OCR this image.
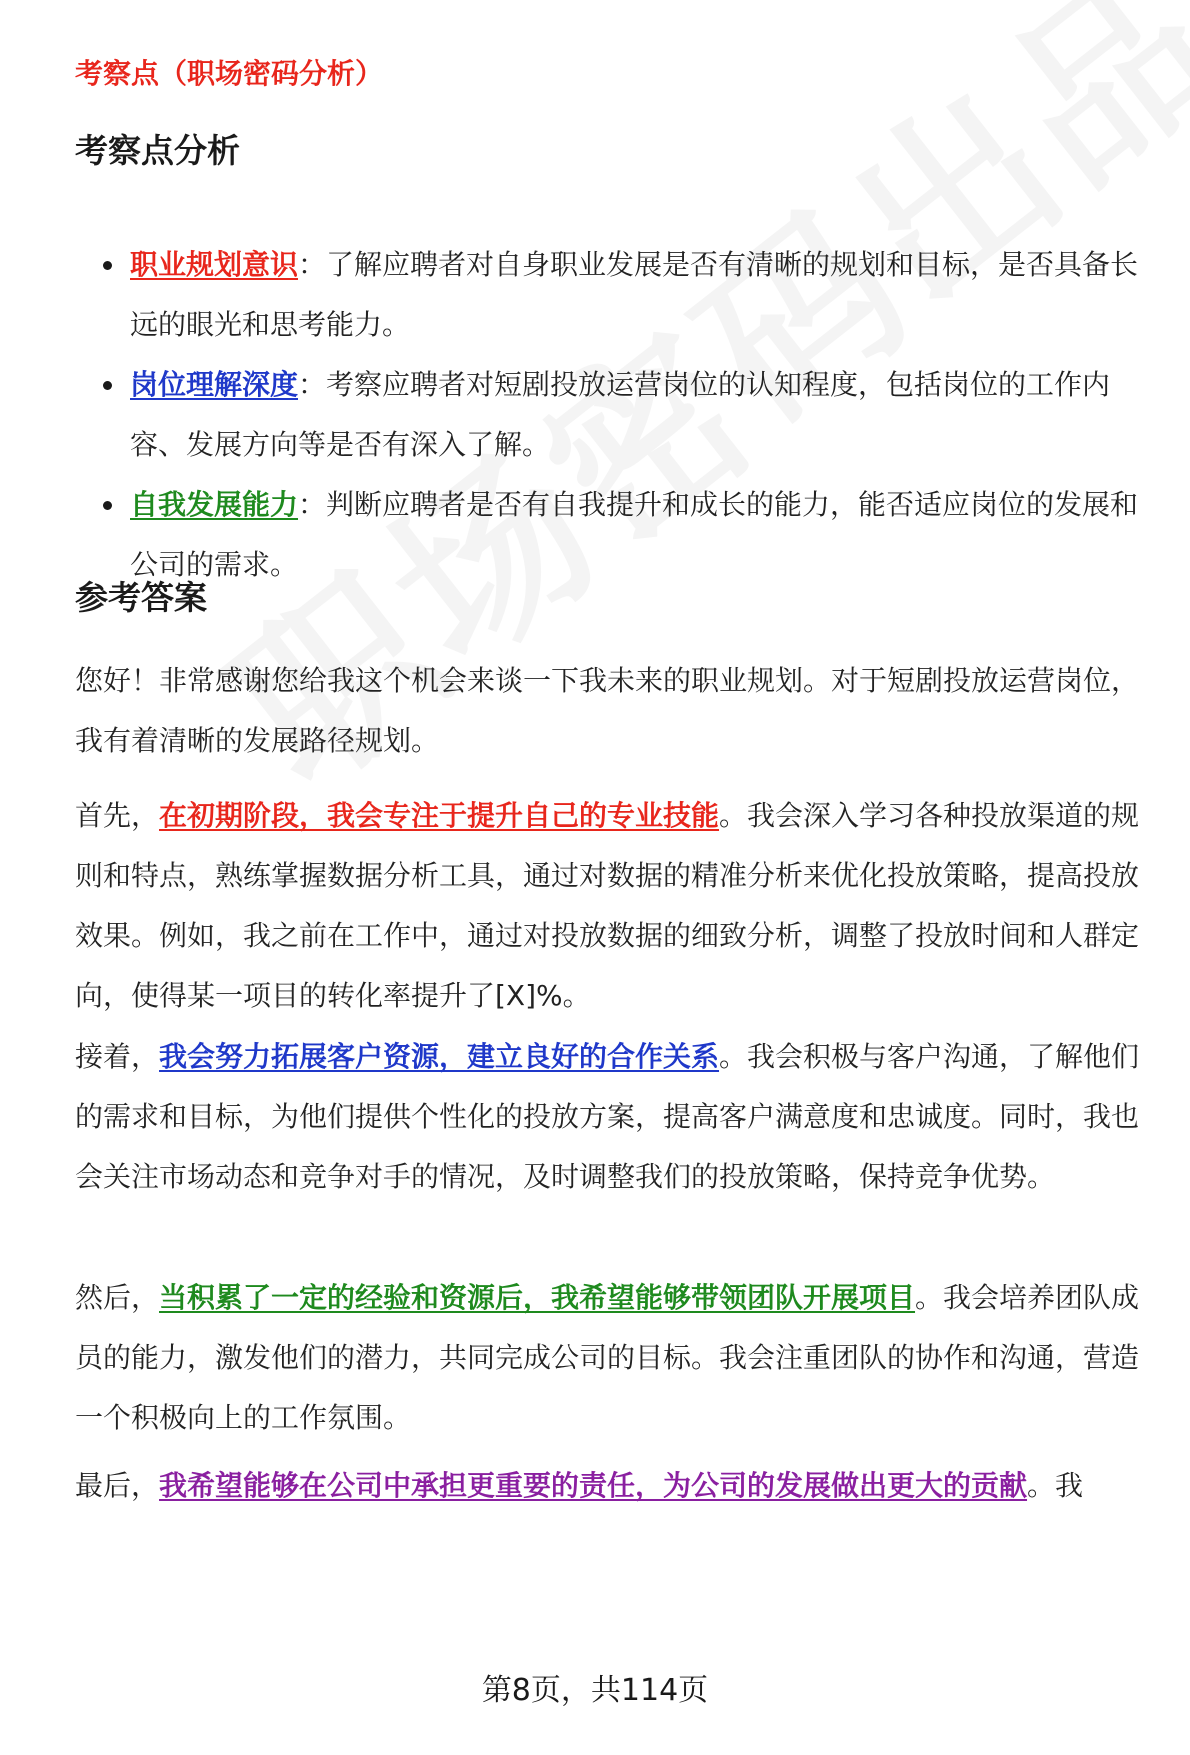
考察点（职场密码分析）

考察点分析
职业规划意识：了解应聘者对自身职业发展是否有清晰的规划和目标，是否具备长远的眼光和思考能力。
岗位理解深度：考察应聘者对短剧投放运营岗位的认知程度，包括岗位的工作内容、发展方向等是否有深入了解。
自我发展能力：判断应聘者是否有自我提升和成长的能力，能否适应岗位的发展和公司的需求。
参考答案

您好！非常感谢您给我这个机会来谈一下我未来的职业规划。对于短剧投放运营岗位，我有着清晰的发展路径规划。

首先，在初期阶段，我会专注于提升自己的专业技能。我会深入学习各种投放渠道的规则和特点，熟练掌握数据分析工具，通过对数据的精准分析来优化投放策略，提高投放效果。例如，我之前在工作中，通过对投放数据的细致分析，调整了投放时间和人群定向，使得某一项目的转化率提升了[X]%。

接着，我会努力拓展客户资源，建立良好的合作关系。我会积极与客户沟通，了解他们的需求和目标，为他们提供个性化的投放方案，提高客户满意度和忠诚度。同时，我也会关注市场动态和竞争对手的情况，及时调整我们的投放策略，保持竞争优势。

然后，当积累了一定的经验和资源后，我希望能够带领团队开展项目。我会培养团队成员的能力，激发他们的潜力，共同完成公司的目标。我会注重团队的协作和沟通，营造一个积极向上的工作氛围。

最后，我希望能够在公司中承担更重要的责任，为公司的发展做出更大的贡献。我

第8页，共114页
